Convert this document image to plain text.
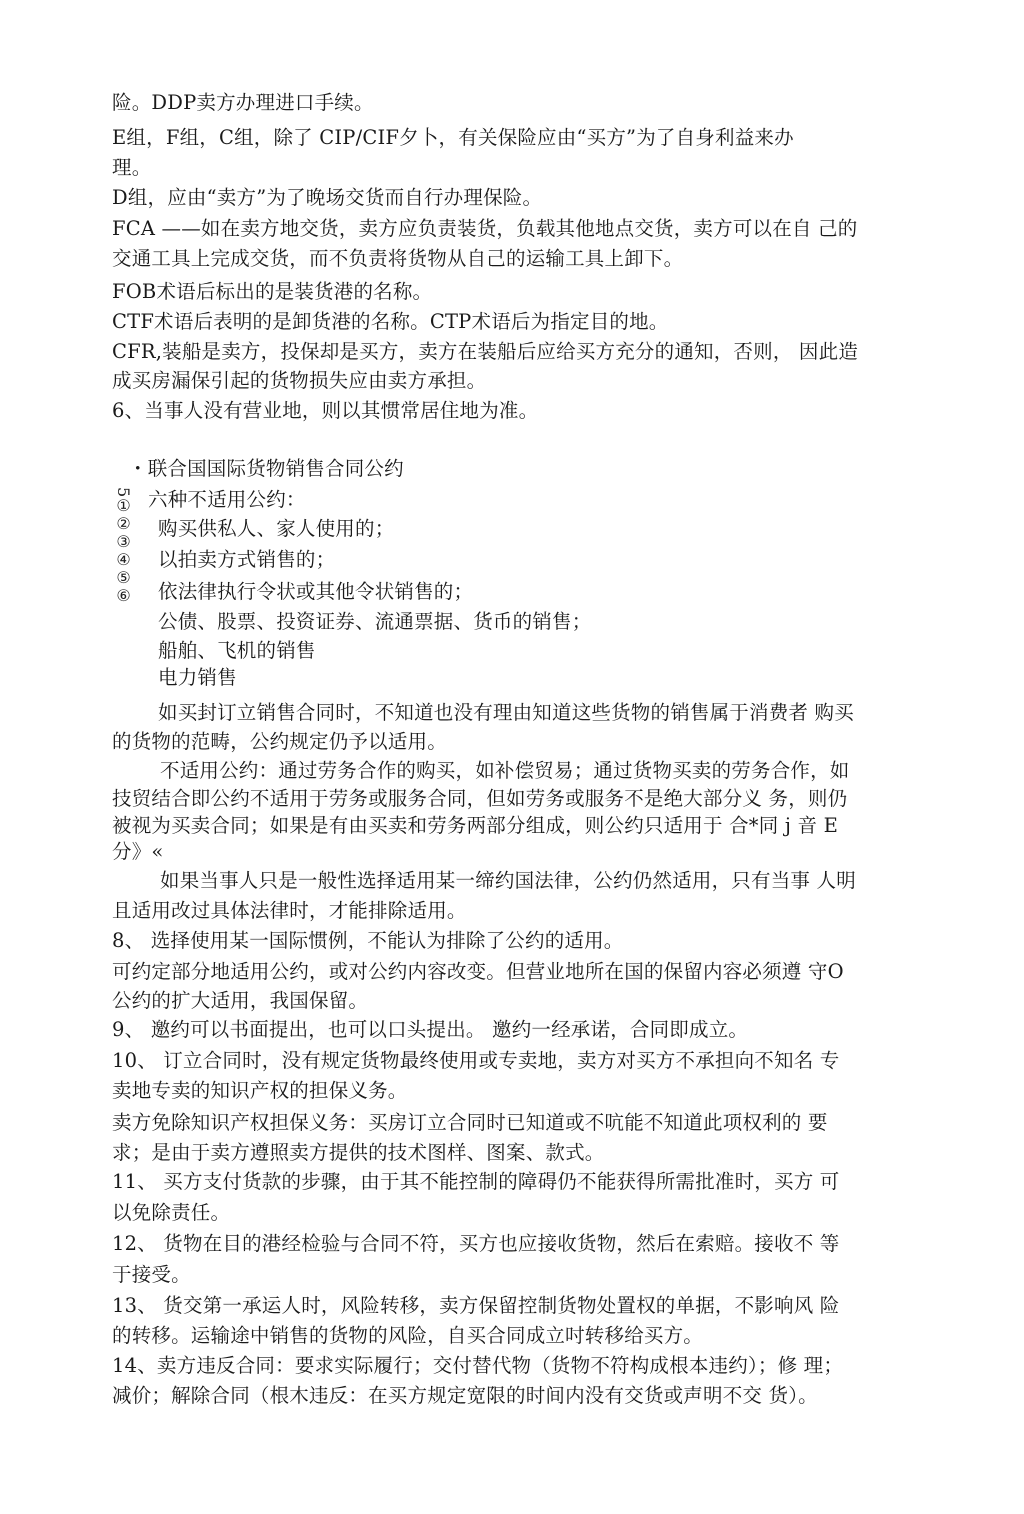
险。DDP卖方办理进口手续。
E组，F组，C组，除了 CIP/CIF夕卜，有关保险应由“买方”为了自身利益来办
理。
D组，应由“卖方”为了晚场交货而自行办理保险。
FCA ——如在卖方地交货，卖方应负责装货，负载其他地点交货，卖方可以在自 己的
交通工具上完成交货，而不负责将货物从自己的运输工具上卸下。
FOB术语后标出的是装货港的名称。
CTF术语后表明的是卸货港的名称。CTP术语后为指定目的地。
CFR,装船是卖方，投保却是买方，卖方在装船后应给买方充分的通知，否则， 因此造
成买房漏保引起的货物损失应由卖方承担。
6、当事人没有营业地，则以其惯常居住地为准。
・联合国国际货物销售合同公约
5①②③④⑤⑥ 六种不适用公约：
购买供私人、家人使用的；
以拍卖方式销售的；
依法律执行令状或其他令状销售的；
公债、股票、投资证券、流通票据、货币的销售；
船舶、飞机的销售
电力销售
如买封订立销售合同时，不知道也没有理由知道这些货物的销售属于消费者 购买
的货物的范畴，公约规定仍予以适用。
不适用公约：通过劳务合作的购买，如补偿贸易；通过货物买卖的劳务合作，如
技贸结合即公约不适用于劳务或服务合同，但如劳务或服务不是绝大部分义 务，则仍
被视为买卖合同；如果是有由买卖和劳务两部分组成，则公约只适用于 合*同 j 音 E
分》«
如果当事人只是一般性选择适用某一缔约国法律，公约仍然适用，只有当事 人明
且适用改过具体法律时，才能排除适用。
8、 选择使用某一国际惯例，不能认为排除了公约的适用。
可约定部分地适用公约，或对公约内容改变。但营业地所在国的保留内容必须遵 守O
公约的扩大适用，我国保留。
9、 邀约可以书面提出，也可以口头提出。 邀约一经承诺，合同即成立。
10、 订立合同时，没有规定货物最终使用或专卖地，卖方对买方不承担向不知名 专
卖地专卖的知识产权的担保义务。
卖方免除知识产权担保义务：买房订立合同时已知道或不吭能不知道此项权利的 要
求；是由于卖方遵照卖方提供的技术图样、图案、款式。
11、 买方支付货款的步骤，由于其不能控制的障碍仍不能获得所需批准时，买方 可
以免除责任。
12、 货物在目的港经检验与合同不符，买方也应接收货物，然后在索赔。接收不 等
于接受。
13、 货交第一承运人时，风险转移，卖方保留控制货物处置权的单据，不影响风 险
的转移。运输途中销售的货物的风险，自买合同成立吋转移给买方。
14、卖方违反合同：要求实际履行；交付替代物（货物不符构成根本违约）；修 理；
减价；解除合同（根木违反：在买方规定宽限的时间内没有交货或声明不交 货）。
